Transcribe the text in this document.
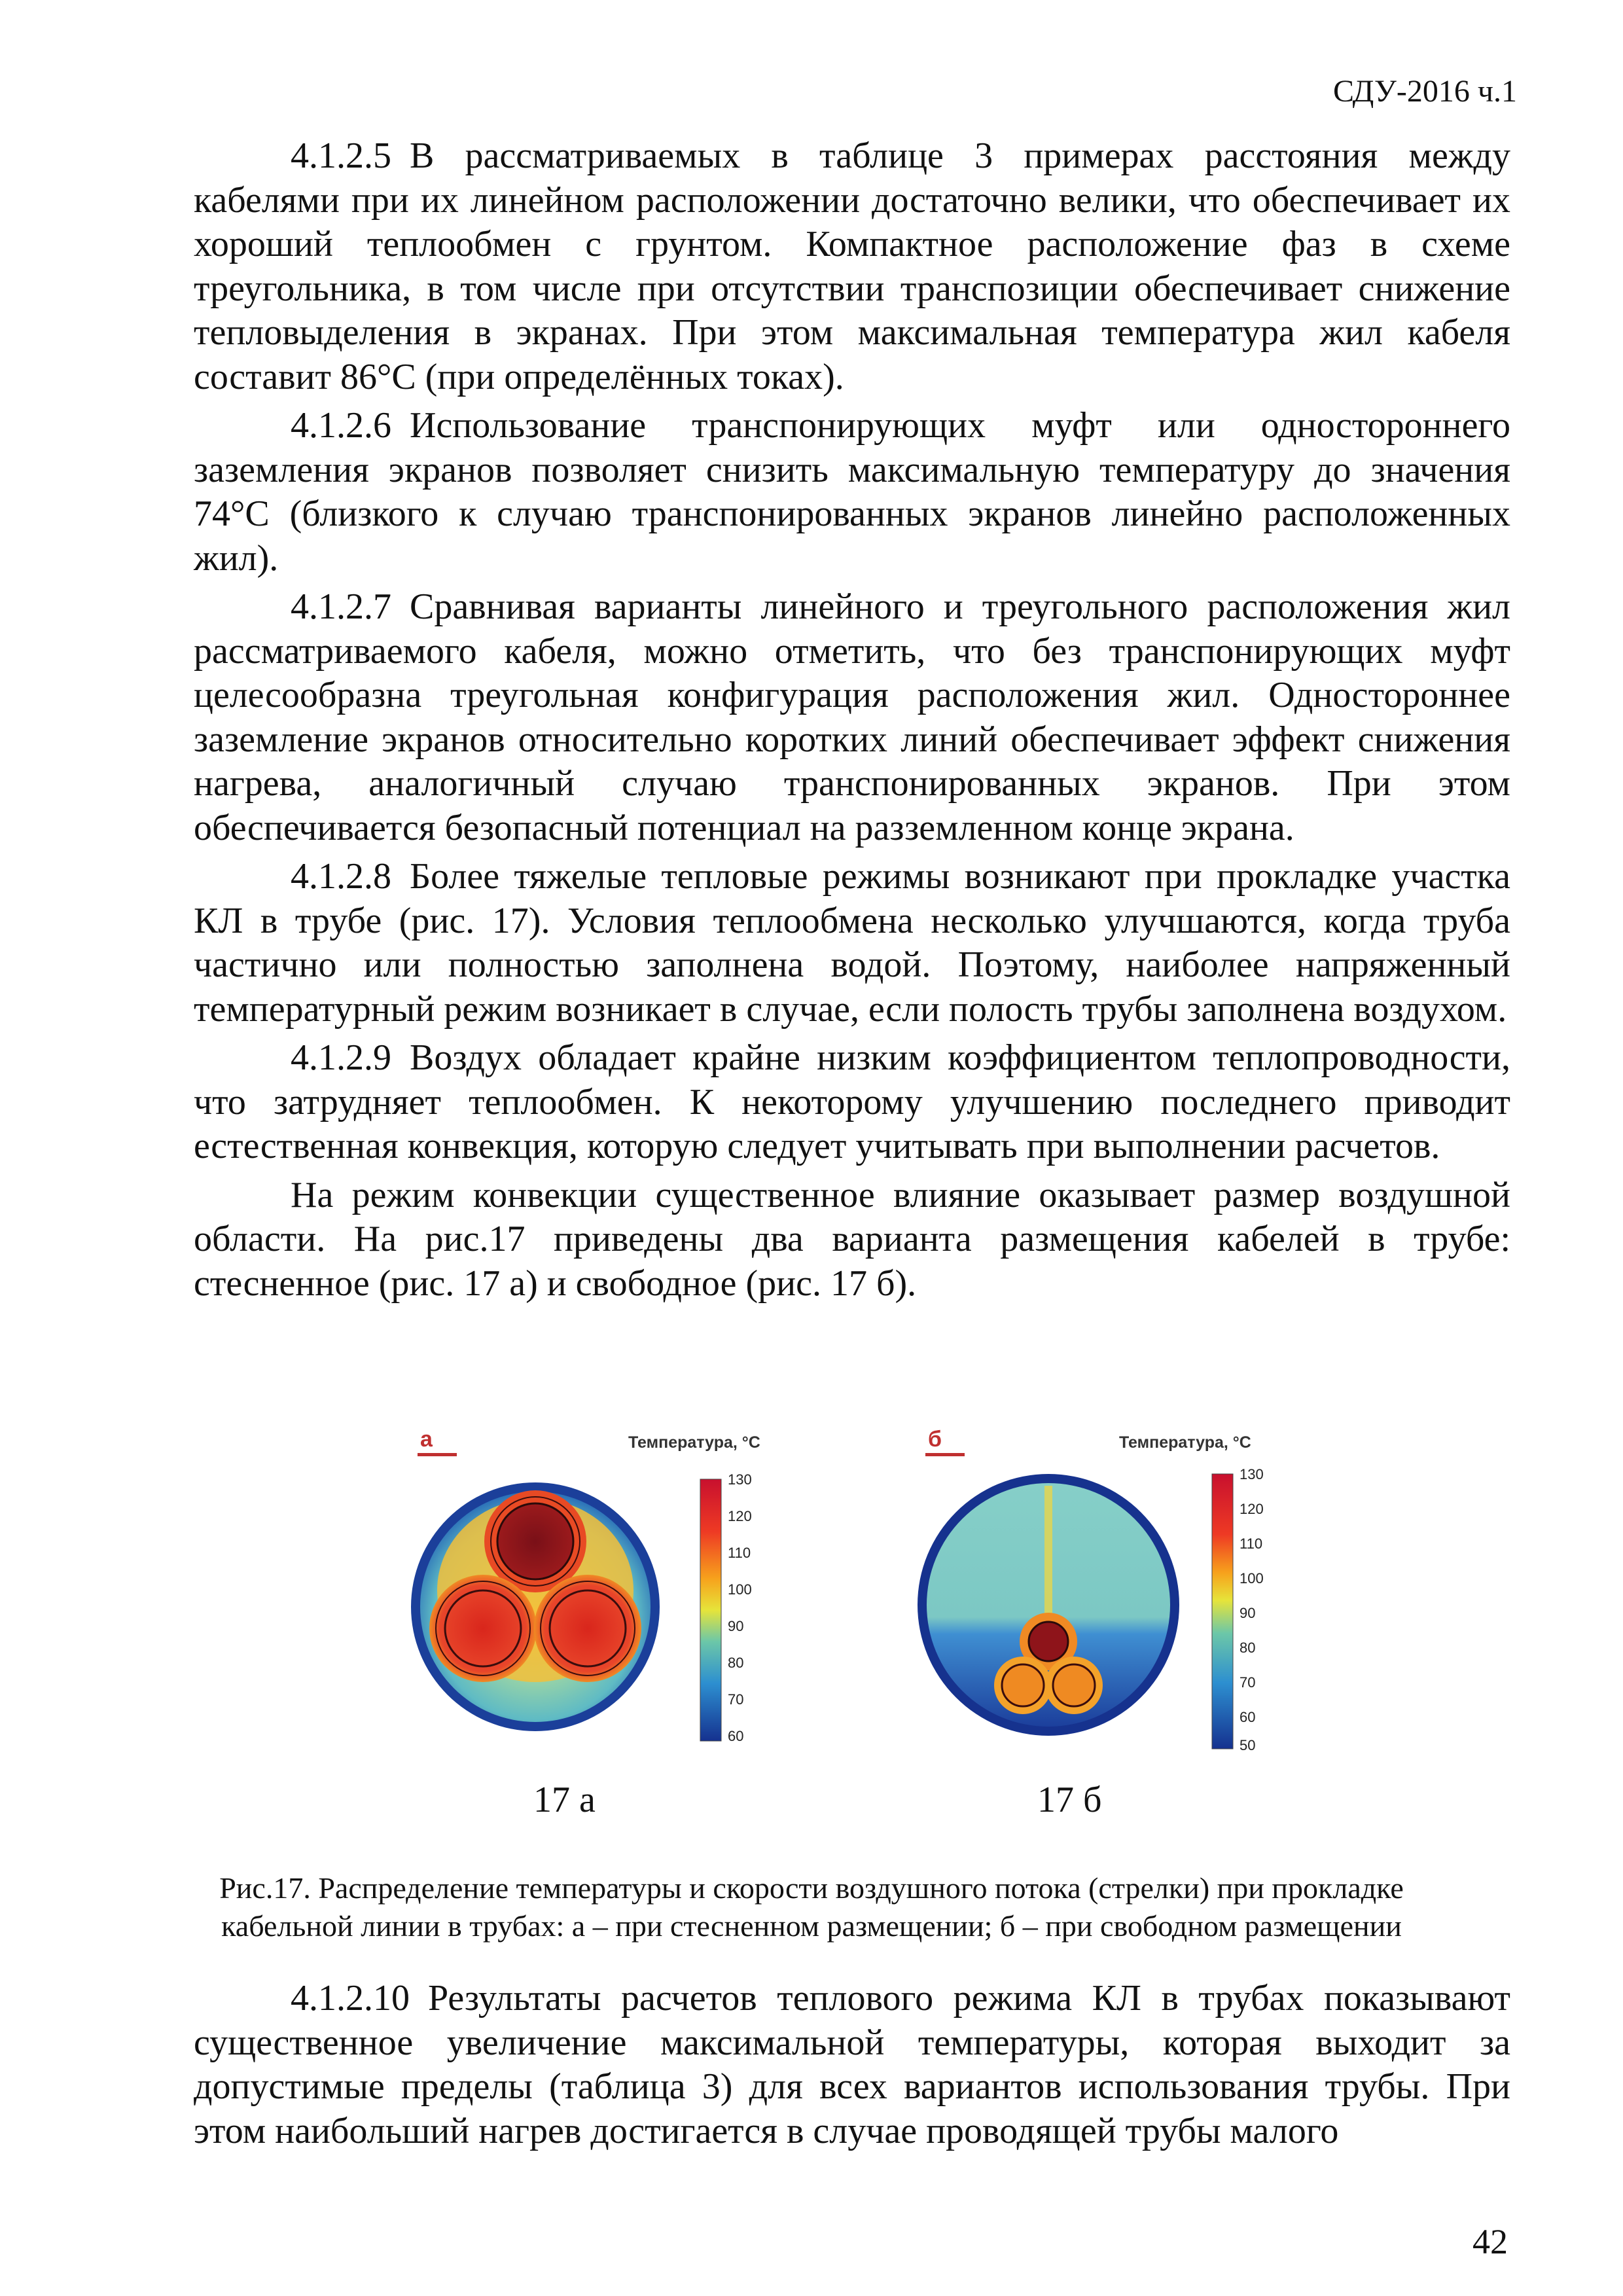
СДУ-2016 ч.1

4.1.2.5 В рассматриваемых в таблице 3 примерах расстояния между кабелями при их линейном расположении достаточно велики, что обеспечивает их хороший теплообмен с грунтом. Компактное расположение фаз в схеме треугольника, в том числе при отсутствии транспозиции обеспечивает снижение тепловыделения в экранах. При этом максимальная температура жил кабеля составит 86°С (при определённых токах).

4.1.2.6 Использование транспонирующих муфт или одностороннего заземления экранов позволяет снизить максимальную температуру до значения 74°С (близкого к случаю транспонированных экранов линейно расположенных жил).

4.1.2.7 Сравнивая варианты линейного и треугольного расположения жил рассматриваемого кабеля, можно отметить, что без транспонирующих муфт целесообразна треугольная конфигурация расположения жил. Одностороннее заземление экранов относительно коротких линий обеспечивает эффект снижения нагрева, аналогичный случаю транспонированных экранов. При этом обеспечивается безопасный потенциал на разземленном конце экрана.

4.1.2.8 Более тяжелые тепловые режимы возникают при прокладке участка КЛ в трубе (рис. 17). Условия теплообмена несколько улучшаются, когда труба частично или полностью заполнена водой. Поэтому, наиболее напряженный температурный режим возникает в случае, если полость трубы заполнена воздухом.

4.1.2.9 Воздух обладает крайне низким коэффициентом теплопроводности, что затрудняет теплообмен. К некоторому улучшению последнего приводит естественная конвекция, которую следует учитывать при выполнении расчетов.

На режим конвекции существенное влияние оказывает размер воздушной области. На рис.17 приведены два варианта размещения кабелей в трубе: стесненное (рис. 17 а) и свободное (рис. 17 б).

а	Температура, °С
130
120
110
100
90
80
70
60
17 а
б	Температура, °С
130
120
110
100
90
80
70
60
50
17 б
Рис.17. Распределение температуры и скорости воздушного потока (стрелки) при прокладке
кабельной линии в трубах: а – при стесненном размещении; б – при свободном размещении

4.1.2.10 Результаты расчетов теплового режима КЛ в трубах показывают существенное увеличение максимальной температуры, которая выходит за допустимые пределы (таблица 3) для всех вариантов использования трубы. При этом наибольший нагрев достигается в случае проводящей трубы малого

42
